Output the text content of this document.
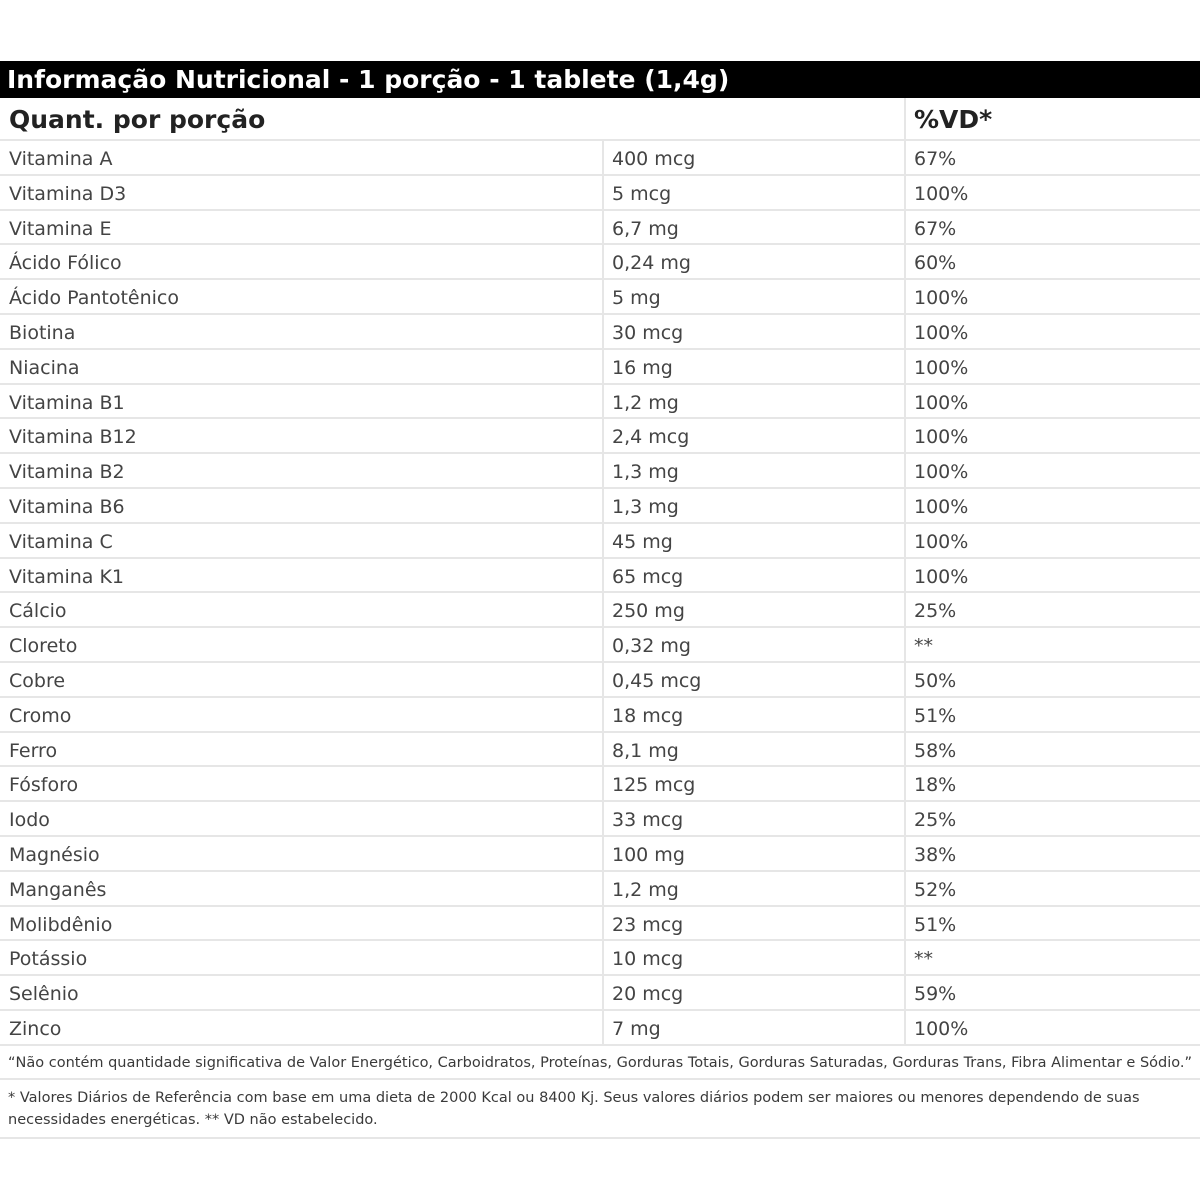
Informação Nutricional - 1 porção - 1 tablete (1,4g)
Quant. por porção	%VD*
Vitamina A	400 mcg	67%
Vitamina D3	5 mcg	100%
Vitamina E	6,7 mg	67%
Ácido Fólico	0,24 mg	60%
Ácido Pantotênico	5 mg	100%
Biotina	30 mcg	100%
Niacina	16 mg	100%
Vitamina B1	1,2 mg	100%
Vitamina B12	2,4 mcg	100%
Vitamina B2	1,3 mg	100%
Vitamina B6	1,3 mg	100%
Vitamina C	45 mg	100%
Vitamina K1	65 mcg	100%
Cálcio	250 mg	25%
Cloreto	0,32 mg	**
Cobre	0,45 mcg	50%
Cromo	18 mcg	51%
Ferro	8,1 mg	58%
Fósforo	125 mcg	18%
Iodo	33 mcg	25%
Magnésio	100 mg	38%
Manganês	1,2 mg	52%
Molibdênio	23 mcg	51%
Potássio	10 mcg	**
Selênio	20 mcg	59%
Zinco	7 mg	100%
“Não contém quantidade significativa de Valor Energético, Carboidratos, Proteínas, Gorduras Totais, Gorduras Saturadas, Gorduras Trans, Fibra Alimentar e Sódio.”
* Valores Diários de Referência com base em uma dieta de 2000 Kcal ou 8400 Kj. Seus valores diários podem ser maiores ou menores dependendo de suas necessidades energéticas. ** VD não estabelecido.
